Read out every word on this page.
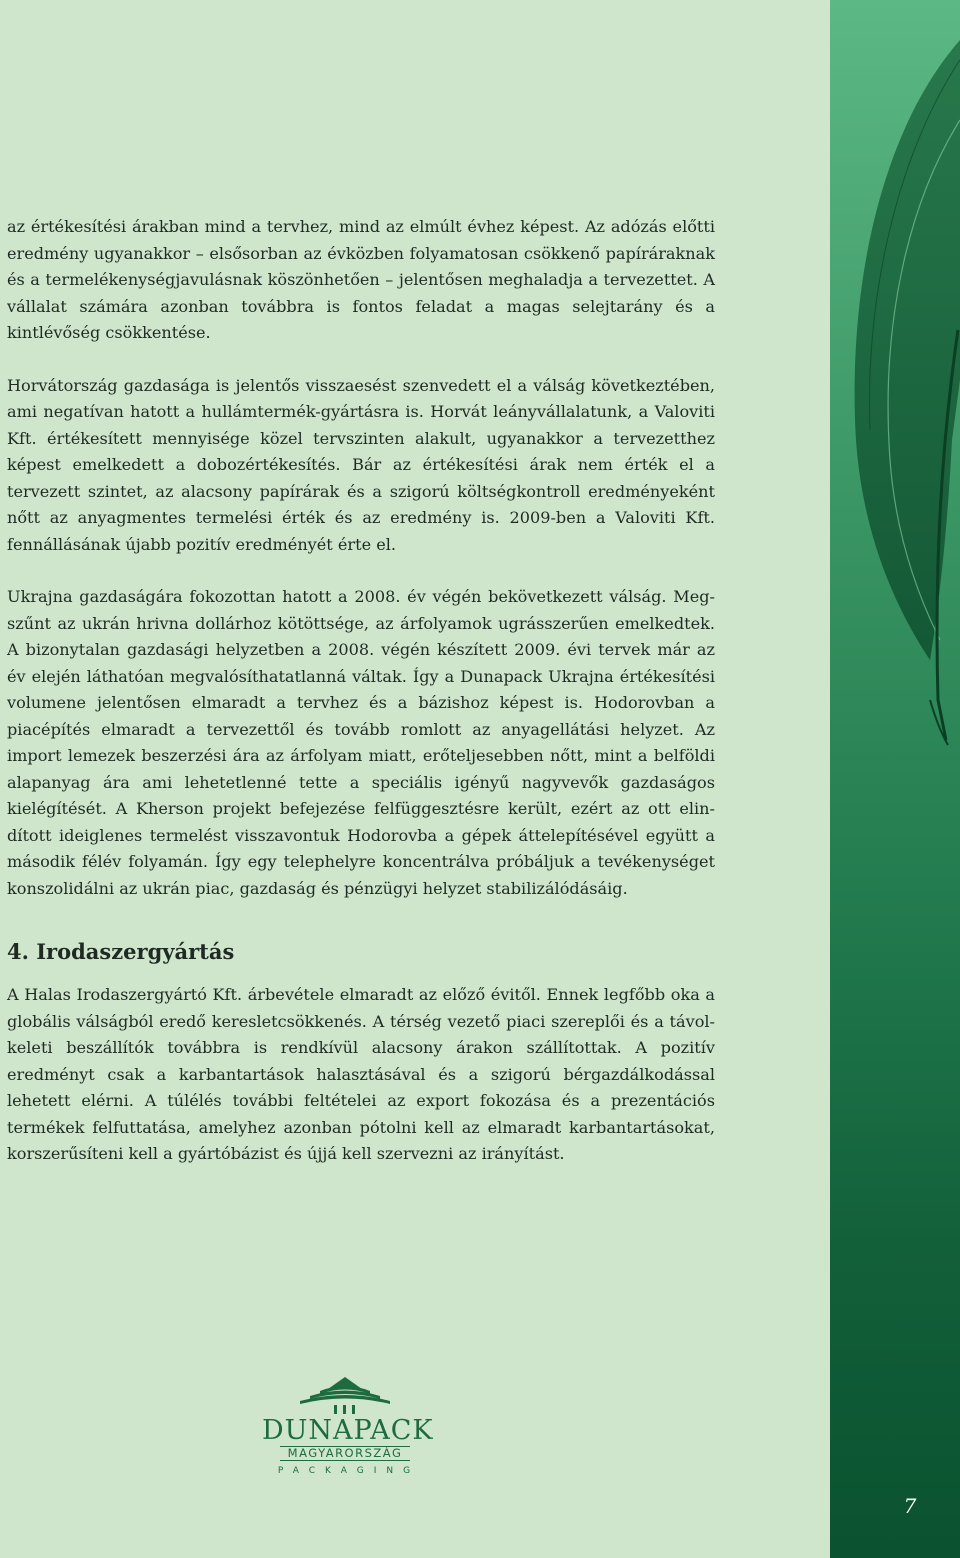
az értékesítési árakban mind a tervhez, mind az elmúlt évhez képest. Az adózás előtti eredmény ugyanakkor – elsősorban az évközben folyamatosan csökkenő papíráraknak és a termelékenységjavulásnak köszönhetően – jelentősen meghaladja a tervezettet. A vállalat számára azonban továbbra is fontos feladat a magas selejtarány és a kintlévőség csökkentése.

Horvátország gazdasága is jelentős visszaesést szenvedett el a válság következtében, ami negatívan hatott a hullámtermék-gyártásra is. Horvát leányvállalatunk, a Valoviti Kft. értékesített mennyisége közel tervszinten alakult, ugyanakkor a tervezetthez képest emelkedett a dobozértékesítés. Bár az értékesítési árak nem érték el a tervezett szintet, az alacsony papírárak és a szigorú költségkontroll eredményeként nőtt az anyagmentes termelési érték és az eredmény is. 2009-ben a Valoviti Kft. fennállásának újabb pozitív eredményét érte el.

Ukrajna gazdaságára fokozottan hatott a 2008. év végén bekövetkezett válság. Megszűnt az ukrán hrivna dollárhoz kötöttsége, az árfolyamok ugrásszerűen emelkedtek. A bizonytalan gazdasági helyzetben a 2008. végén készített 2009. évi tervek már az év elején láthatóan megvalósíthatatlanná váltak. Így a Dunapack Ukrajna értékesítési volumene jelentősen elmaradt a tervhez és a bázishoz képest is. Hodorovban a piacépítés elmaradt a tervezettől és tovább romlott az anyagellátási helyzet. Az import lemezek beszerzési ára az árfolyam miatt, erőteljesebben nőtt, mint a belföldi alapanyag ára ami lehetetlenné tette a speciális igényű nagyvevők gazdaságos kielégítését. A Kherson projekt befejezése felfüggesztésre került, ezért az ott elindított ideiglenes termelést visszavontuk Hodorovba a gépek áttelepítésével együtt a második félév folyamán. Így egy telephelyre koncentrálva próbáljuk a tevékenységet konszolidálni az ukrán piac, gazdaság és pénzügyi helyzet stabilizálódásáig.

4. Irodaszergyártás

A Halas Irodaszergyártó Kft. árbevétele elmaradt az előző évitől. Ennek legfőbb oka a globális válságból eredő keresletcsökkenés. A térség vezető piaci szereplői és a távol-keleti beszállítók továbbra is rendkívül alacsony árakon szállítottak. A pozitív eredményt csak a karbantartások halasztásával és a szigorú bérgazdálkodással lehetett elérni. A túlélés további feltételei az export fokozása és a prezentációs termékek felfuttatása, amelyhez azonban pótolni kell az elmaradt karbantartásokat, korszerűsíteni kell a gyártóbázist és újjá kell szervezni az irányítást.

DUNAPACK
MAGYARORSZÁG
PACKAGING
7
